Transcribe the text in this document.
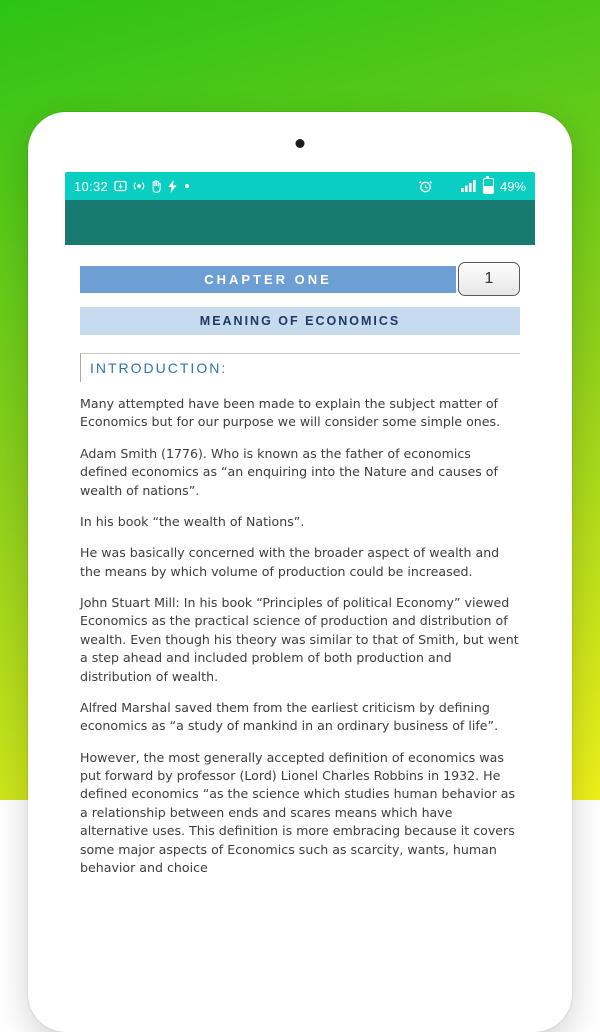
10:32	49%
CHAPTER ONE	1
MEANING OF ECONOMICS
INTRODUCTION:

Many attempted have been made to explain the subject matter of Economics but for our purpose we will consider some simple ones.

Adam Smith (1776). Who is known as the father of economics defined economics as “an enquiring into the Nature and causes of wealth of nations”.

In his book “the wealth of Nations”.

He was basically concerned with the broader aspect of wealth and the means by which volume of production could be increased.

John Stuart Mill: In his book “Principles of political Economy” viewed Economics as the practical science of production and distribution of wealth. Even though his theory was similar to that of Smith, but went a step ahead and included problem of both production and distribution of wealth.

Alfred Marshal saved them from the earliest criticism by defining economics as “a study of mankind in an ordinary business of life”.

However, the most generally accepted definition of economics was put forward by professor (Lord) Lionel Charles Robbins in 1932. He defined economics “as the science which studies human behavior as a relationship between ends and scares means which have alternative uses. This definition is more embracing because it covers some major aspects of Economics such as scarcity, wants, human behavior and choice
